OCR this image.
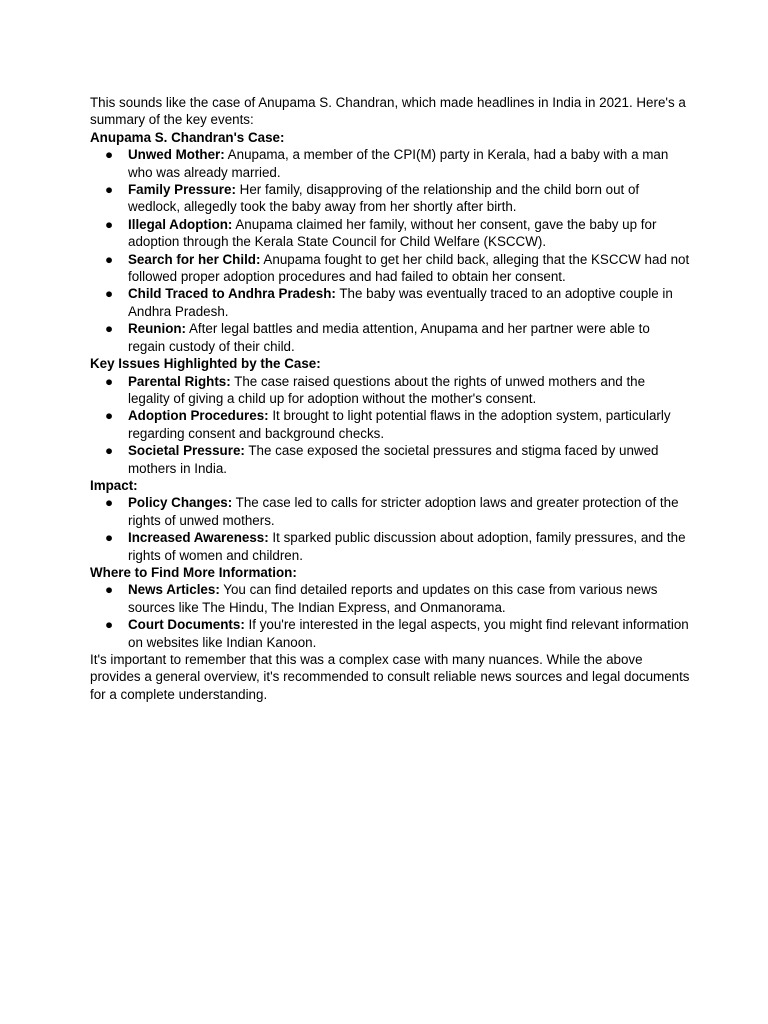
This sounds like the case of Anupama S. Chandran, which made headlines in India in 2021. Here's a summary of the key events:

Anupama S. Chandran's Case:

● Unwed Mother: Anupama, a member of the CPI(M) party in Kerala, had a baby with a man who was already married.
● Family Pressure: Her family, disapproving of the relationship and the child born out of wedlock, allegedly took the baby away from her shortly after birth.
● Illegal Adoption: Anupama claimed her family, without her consent, gave the baby up for adoption through the Kerala State Council for Child Welfare (KSCCW).
● Search for her Child: Anupama fought to get her child back, alleging that the KSCCW had not followed proper adoption procedures and had failed to obtain her consent.
● Child Traced to Andhra Pradesh: The baby was eventually traced to an adoptive couple in Andhra Pradesh.
● Reunion: After legal battles and media attention, Anupama and her partner were able to regain custody of their child.

Key Issues Highlighted by the Case:

● Parental Rights: The case raised questions about the rights of unwed mothers and the legality of giving a child up for adoption without the mother's consent.
● Adoption Procedures: It brought to light potential flaws in the adoption system, particularly regarding consent and background checks.
● Societal Pressure: The case exposed the societal pressures and stigma faced by unwed mothers in India.

Impact:

● Policy Changes: The case led to calls for stricter adoption laws and greater protection of the rights of unwed mothers.
● Increased Awareness: It sparked public discussion about adoption, family pressures, and the rights of women and children.

Where to Find More Information:

● News Articles: You can find detailed reports and updates on this case from various news sources like The Hindu, The Indian Express, and Onmanorama.
● Court Documents: If you're interested in the legal aspects, you might find relevant information on websites like Indian Kanoon.

It's important to remember that this was a complex case with many nuances. While the above provides a general overview, it's recommended to consult reliable news sources and legal documents for a complete understanding.
